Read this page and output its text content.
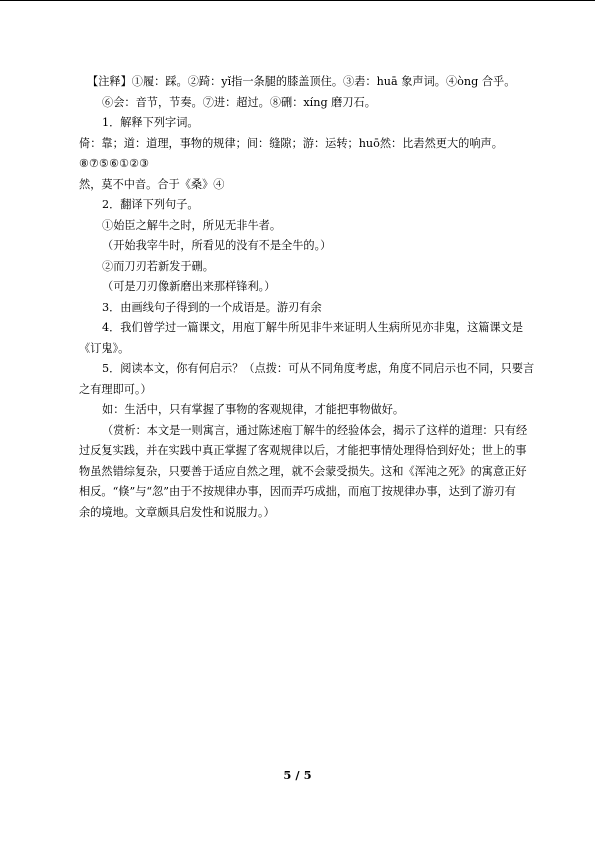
【注释】①履：踩。②踦：yǐ指一条腿的膝盖顶住。③砉：huā 象声词。④òng 合乎。

⑥会：音节，节奏。⑦进：超过。⑧硎：xíng 磨刀石。

1．解释下列字词。

倚：靠；道：道理，事物的规律；间：缝隙；游：运转；huō然：比砉然更大的响声。

⑧⑦⑤⑥①②③

然，莫不中音。合于《桑》④

2．翻译下列句子。

①始臣之解牛之时，所见无非牛者。

（开始我宰牛时，所看见的没有不是全牛的。）

②而刀刃若新发于硎。

（可是刀刃像新磨出来那样锋利。）

3．由画线句子得到的一个成语是。游刃有余

4．我们曾学过一篇课文，用庖丁解牛所见非牛来证明人生病所见亦非鬼，这篇课文是

《订鬼》。

5．阅读本文，你有何启示？（点拨：可从不同角度考虑，角度不同启示也不同，只要言

之有理即可。）

如：生活中，只有掌握了事物的客观规律，才能把事物做好。

（赏析：本文是一则寓言，通过陈述庖丁解牛的经验体会，揭示了这样的道理：只有经

过反复实践，并在实践中真正掌握了客观规律以后，才能把事情处理得恰到好处；世上的事

物虽然错综复杂，只要善于适应自然之理，就不会蒙受损失。这和《浑沌之死》的寓意正好

相反。“倏”与“忽”由于不按规律办事，因而弄巧成拙，而庖丁按规律办事，达到了游刃有

余的境地。文章颇具启发性和说服力。）

5 / 5
